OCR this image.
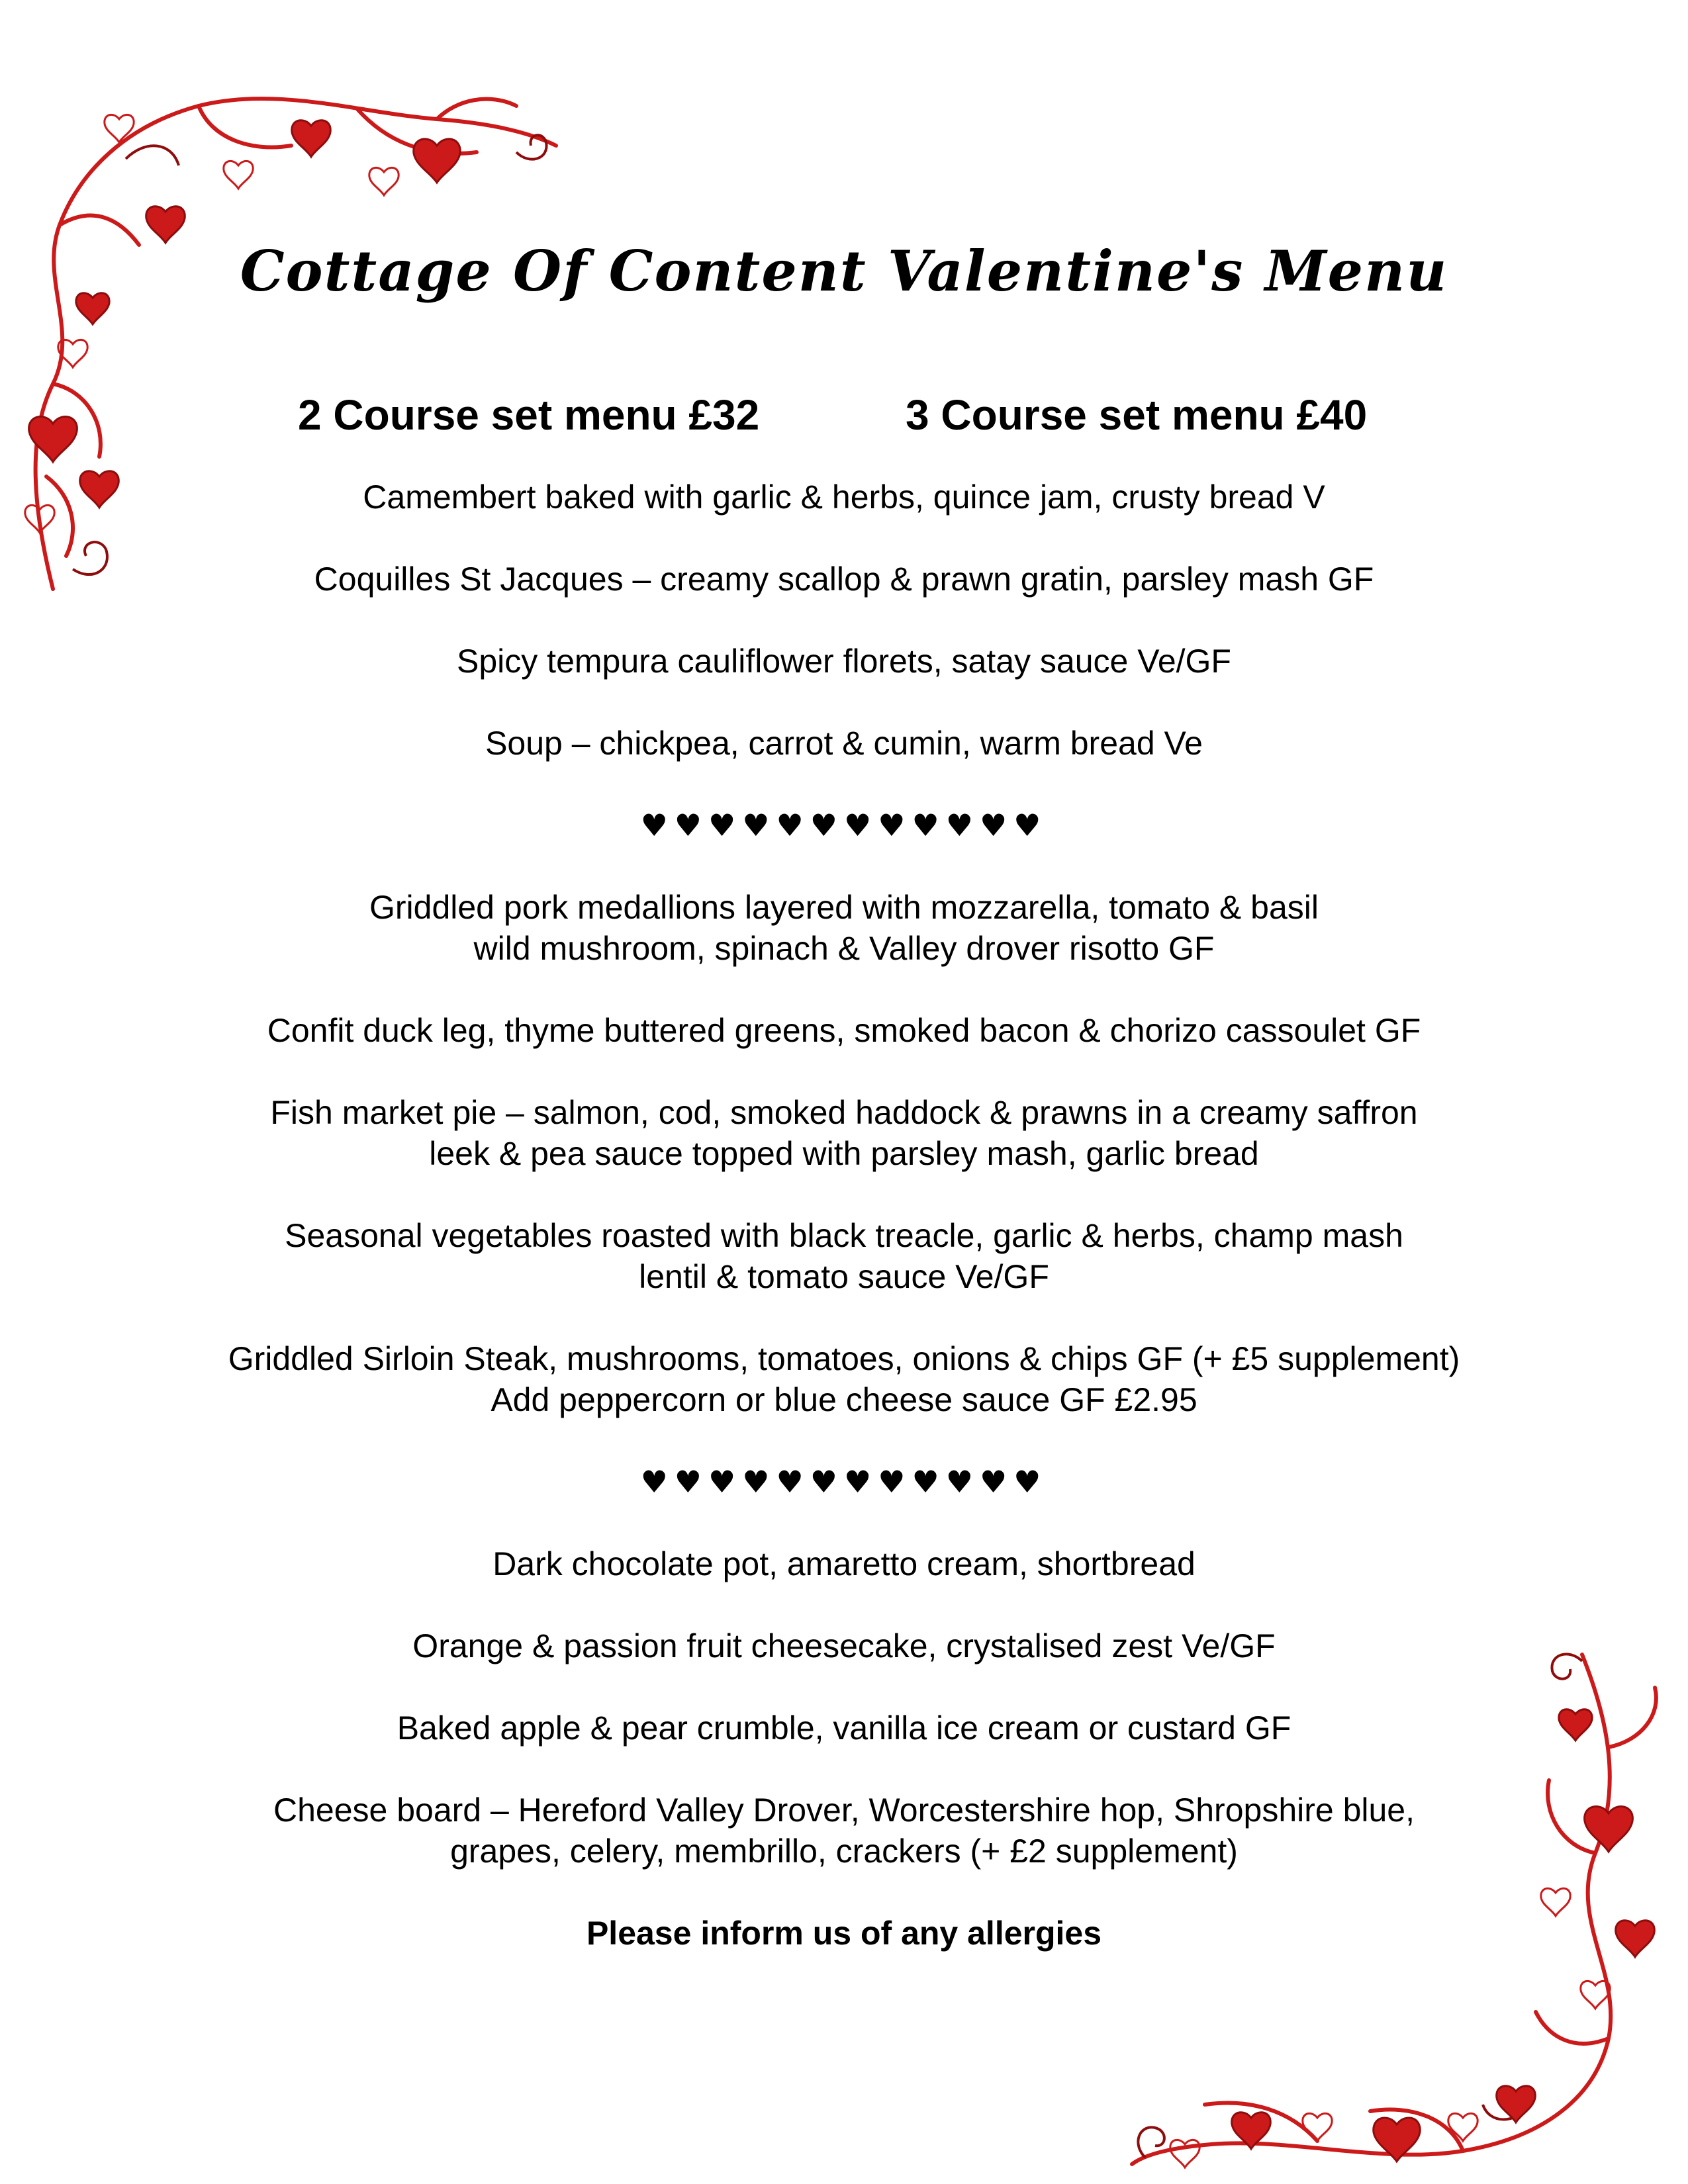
Cottage Of Content Valentine's Menu
2 Course set menu £32	3 Course set menu £40
Camembert baked with garlic & herbs, quince jam, crusty bread V
Coquilles St Jacques – creamy scallop & prawn gratin, parsley mash GF
Spicy tempura cauliflower florets, satay sauce Ve/GF
Soup – chickpea, carrot & cumin, warm bread Ve
♥♥♥♥♥♥♥♥♥♥♥♥
Griddled pork medallions layered with mozzarella, tomato & basil
wild mushroom, spinach & Valley drover risotto GF
Confit duck leg, thyme buttered greens, smoked bacon & chorizo cassoulet GF
Fish market pie – salmon, cod, smoked haddock & prawns in a creamy saffron
leek & pea sauce topped with parsley mash, garlic bread
Seasonal vegetables roasted with black treacle, garlic & herbs, champ mash
lentil & tomato sauce Ve/GF
Griddled Sirloin Steak, mushrooms, tomatoes, onions & chips GF (+ £5 supplement)
Add peppercorn or blue cheese sauce GF £2.95
♥♥♥♥♥♥♥♥♥♥♥♥
Dark chocolate pot, amaretto cream, shortbread
Orange & passion fruit cheesecake, crystalised zest Ve/GF
Baked apple & pear crumble, vanilla ice cream or custard GF
Cheese board – Hereford Valley Drover, Worcestershire hop, Shropshire blue,
grapes, celery, membrillo, crackers (+ £2 supplement)
Please inform us of any allergies
